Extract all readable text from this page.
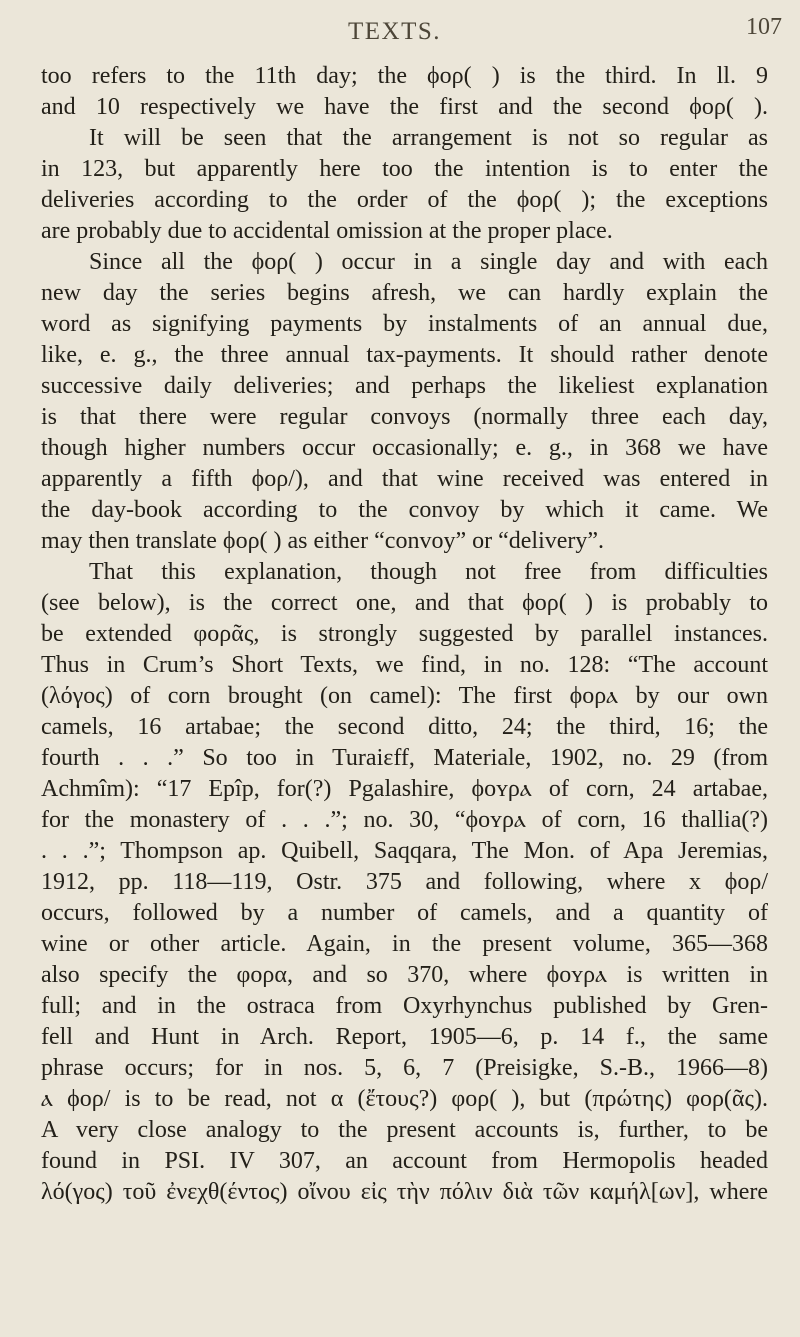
TEXTS.	107
too refers to the 11th day; the ϕορ( ) is the third. In ll. 9
and 10 respectively we have the first and the second ϕορ( ).
It will be seen that the arrangement is not so regular as
in 123, but apparently here too the intention is to enter the
deliveries according to the order of the ϕορ( ); the exceptions
are probably due to accidental omission at the proper place.
Since all the ϕορ( ) occur in a single day and with each
new day the series begins afresh, we can hardly explain the
word as signifying payments by instalments of an annual due,
like, e. g., the three annual tax-payments. It should rather denote
successive daily deliveries; and perhaps the likeliest explanation
is that there were regular convoys (normally three each day,
though higher numbers occur occasionally; e. g., in 368 we have
apparently a fifth ϕορ/), and that wine received was entered in
the day-book according to the convoy by which it came. We
may then translate ϕορ( ) as either “convoy” or “delivery”.
That this explanation, though not free from difficulties
(see below), is the correct one, and that ϕορ( ) is probably to
be extended φορᾶς, is strongly suggested by parallel instances.
Thus in Crum’s Short Texts, we find, in no. 128: “The account
(λόγος) of corn brought (on camel): The first ϕορⲁ by our own
camels, 16 artabae; the second ditto, 24; the third, 16; the
fourth . . .” So too in Turaiεff, Materiale, 1902, no. 29 (from
Achmîm): “17 Epîp, for(?) Pgalashire, ϕοʏρⲁ of corn, 24 artabae,
for the monastery of . . .”; no. 30, “ϕοʏρⲁ of corn, 16 thallia(?)
. . .”; Thompson ap. Quibell, Saqqara, The Mon. of Apa Jeremias,
1912, pp. 118—119, Ostr. 375 and following, where x ϕορ/
occurs, followed by a number of camels, and a quantity of
wine or other article. Again, in the present volume, 365—368
also specify the φορα, and so 370, where ϕοʏρⲁ is written in
full; and in the ostraca from Oxyrhynchus published by Gren-
fell and Hunt in Arch. Report, 1905—6, p. 14 f., the same
phrase occurs; for in nos. 5, 6, 7 (Preisigke, S.-B., 1966—8)
ⲁ ϕορ/ is to be read, not α (ἔτους?) φορ( ), but (πρώτης) φορ(ᾶς).
A very close analogy to the present accounts is, further, to be
found in PSI. IV 307, an account from Hermopolis headed
λό(γος) τοῦ ἐνεχθ(έντος) οἴνου εἰς τὴν πόλιν διὰ τῶν καμήλ[ων], where
